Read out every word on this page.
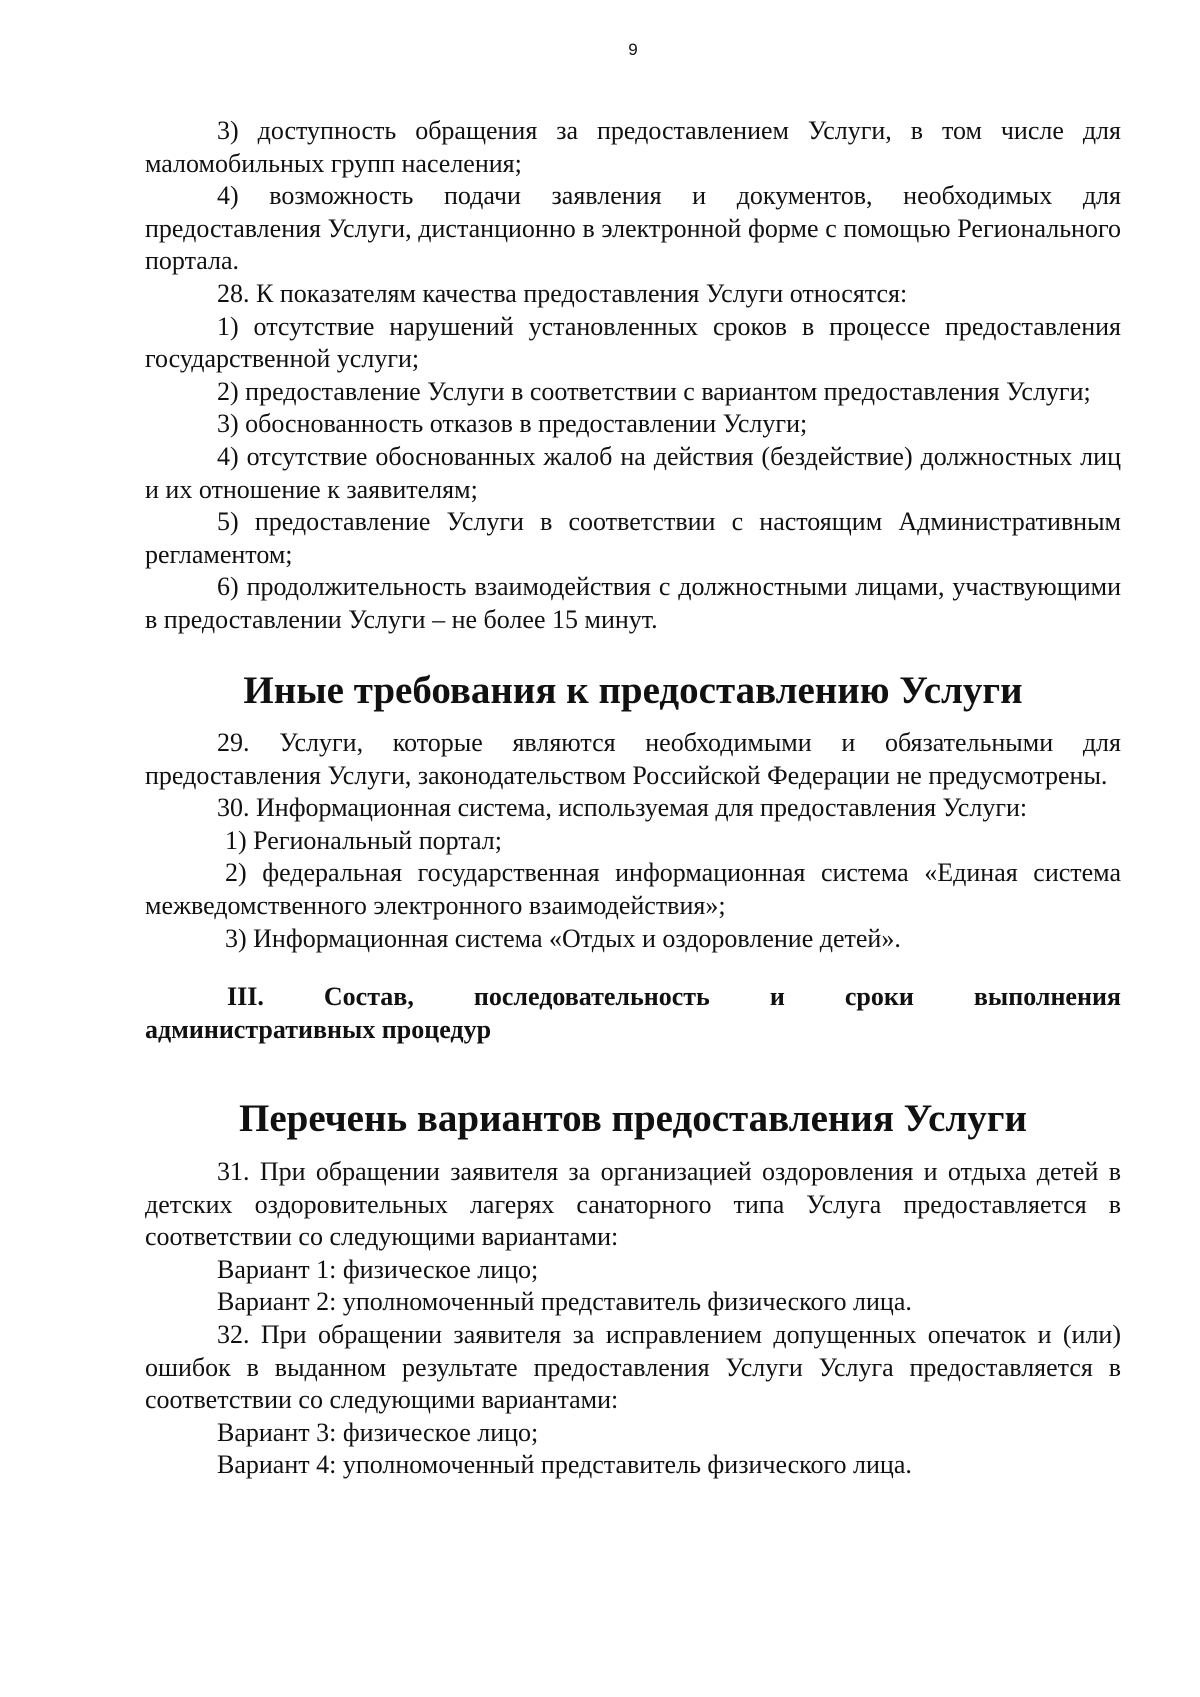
9

3) доступность обращения за предоставлением Услуги, в том числе для маломобильных групп населения;

4) возможность подачи заявления и документов, необходимых для предоставления Услуги, дистанционно в электронной форме с помощью Регионального портала.

28. К показателям качества предоставления Услуги относятся:

1) отсутствие нарушений установленных сроков в процессе предоставления государственной услуги;

2) предоставление Услуги в соответствии с вариантом предоставления Услуги;

3) обоснованность отказов в предоставлении Услуги;

4) отсутствие обоснованных жалоб на действия (бездействие) должностных лиц и их отношение к заявителям;

5) предоставление Услуги в соответствии с настоящим Административным регламентом;

6) продолжительность взаимодействия с должностными лицами, участвующими в предоставлении Услуги – не более 15 минут.

Иные требования к предоставлению Услуги

29. Услуги, которые являются необходимыми и обязательными для предоставления Услуги, законодательством Российской Федерации не предусмотрены.

30. Информационная система, используемая для предоставления Услуги:

1) Региональный портал;

2) федеральная государственная информационная система «Единая система межведомственного электронного взаимодействия»;

3) Информационная система «Отдых и оздоровление детей».

III. Состав, последовательность и сроки выполнения
административных процедур
Перечень вариантов предоставления Услуги

31. При обращении заявителя за организацией оздоровления и отдыха детей в детских оздоровительных лагерях санаторного типа Услуга предоставляется в соответствии со следующими вариантами:

Вариант 1: физическое лицо;

Вариант 2: уполномоченный представитель физического лица.

32. При обращении заявителя за исправлением допущенных опечаток и (или) ошибок в выданном результате предоставления Услуги Услуга предоставляется в соответствии со следующими вариантами:

Вариант 3: физическое лицо;

Вариант 4: уполномоченный представитель физического лица.
